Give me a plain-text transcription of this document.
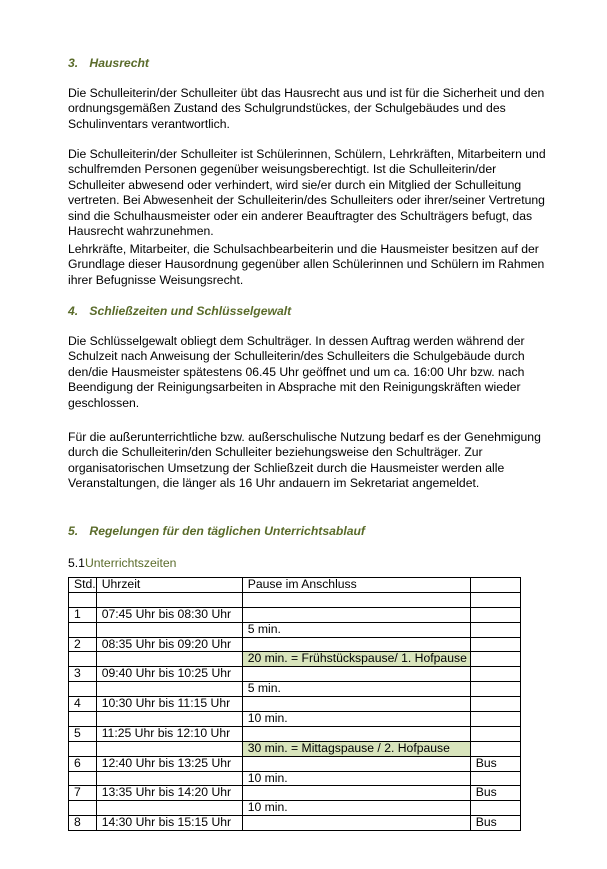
3. Hausrecht

Die Schulleiterin/der Schulleiter übt das Hausrecht aus und ist für die Sicherheit und den ordnungsgemäßen Zustand des Schulgrundstückes, der Schulgebäudes und des Schulinventars verantwortlich.

Die Schulleiterin/der Schulleiter ist Schülerinnen, Schülern, Lehrkräften, Mitarbeitern und schulfremden Personen gegenüber weisungsberechtigt. Ist die Schulleiterin/der Schulleiter abwesend oder verhindert, wird sie/er durch ein Mitglied der Schulleitung vertreten. Bei Abwesenheit der Schulleiterin/des Schulleiters oder ihrer/seiner Vertretung sind die Schulhausmeister oder ein anderer Beauftragter des Schulträgers befugt, das Hausrecht wahrzunehmen.

Lehrkräfte, Mitarbeiter, die Schulsachbearbeiterin und die Hausmeister besitzen auf der Grundlage dieser Hausordnung gegenüber allen Schülerinnen und Schülern im Rahmen ihrer Befugnisse Weisungsrecht.

4. Schließzeiten und Schlüsselgewalt

Die Schlüsselgewalt obliegt dem Schulträger. In dessen Auftrag werden während der Schulzeit nach Anweisung der Schulleiterin/des Schulleiters die Schulgebäude durch den/die Hausmeister spätestens 06.45 Uhr geöffnet und um ca. 16:00 Uhr bzw. nach Beendigung der Reinigungsarbeiten in Absprache mit den Reinigungskräften wieder geschlossen.

Für die außerunterrichtliche bzw. außerschulische Nutzung bedarf es der Genehmigung durch die Schulleiterin/den Schulleiter beziehungsweise den Schulträger. Zur organisatorischen Umsetzung der Schließzeit durch die Hausmeister werden alle Veranstaltungen, die länger als 16 Uhr andauern im Sekretariat angemeldet.

5. Regelungen für den täglichen Unterrichtsablauf
5.1Unterrichtszeiten
Std.	Uhrzeit	Pause im Anschluss	

1	07:45 Uhr bis 08:30 Uhr		
		5 min.	
2	08:35 Uhr bis 09:20 Uhr		
		20 min. = Frühstückspause/ 1. Hofpause	
3	09:40 Uhr bis 10:25 Uhr		
		5 min.	
4	10:30 Uhr bis 11:15 Uhr		
		10 min.	
5	11:25 Uhr bis 12:10 Uhr		
		30 min. = Mittagspause / 2. Hofpause	
6	12:40 Uhr bis 13:25 Uhr		Bus
		10 min.	
7	13:35 Uhr bis 14:20 Uhr		Bus
		10 min.	
8	14:30 Uhr bis 15:15 Uhr		Bus
